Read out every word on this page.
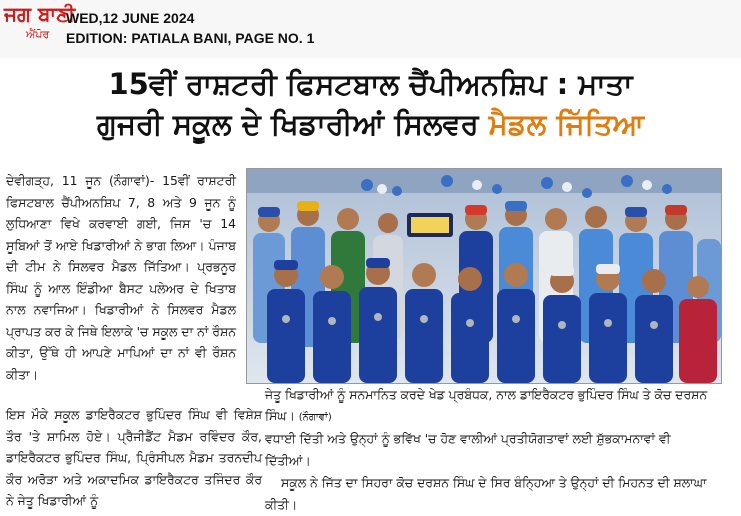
ਜਗ ਬਾਣੀ
ਐਂਪੋਰ
WED,12 JUNE 2024
EDITION: PATIALA BANI, PAGE NO. 1
15ਵੀਂ ਰਾਸ਼ਟਰੀ ਫਿਸਟਬਾਲ ਚੈਂਪੀਅਨਸ਼ਿਪ : ਮਾਤਾ
ਗੁਜਰੀ ਸਕੂਲ ਦੇ ਖਿਡਾਰੀਆਂ ਸਿਲਵਰ ਮੈਡਲ ਜਿੱਤਿਆ
ਦੇਵੀਗੜ੍ਹ, 11 ਜੂਨ (ਨੌਗਾਵਾਂ)- 15ਵੀਂ ਰਾਸ਼ਟਰੀ ਫਿਸਟਬਾਲ ਚੈਂਪੀਅਨਸ਼ਿਪ 7, 8 ਅਤੇ 9 ਜੂਨ ਨੂੰ ਲੁਧਿਆਣਾ ਵਿਖੇ ਕਰਵਾਈ ਗਈ, ਜਿਸ 'ਚ 14 ਸੂਬਿਆਂ ਤੋਂ ਆਏ ਖਿਡਾਰੀਆਂ ਨੇ ਭਾਗ ਲਿਆ। ਪੰਜਾਬ ਦੀ ਟੀਮ ਨੇ ਸਿਲਵਰ ਮੈਡਲ ਜਿੱਤਿਆ। ਪ੍ਰਭਨੂਰ ਸਿੰਘ ਨੂੰ ਆਲ ਇੰਡੀਆ ਬੈਸਟ ਪਲੇਅਰ ਦੇ ਖਿਤਾਬ ਨਾਲ ਨਵਾਜਿਆ। ਖਿਡਾਰੀਆਂ ਨੇ ਸਿਲਵਰ ਮੈਡਲ ਪ੍ਰਾਪਤ ਕਰ ਕੇ ਜਿਥੇ ਇਲਾਕੇ 'ਚ ਸਕੂਲ ਦਾ ਨਾਂ ਰੌਸ਼ਨ ਕੀਤਾ, ਉੱਥੇ ਹੀ ਆਪਣੇ ਮਾਪਿਆਂ ਦਾ ਨਾਂ ਵੀ ਰੌਸ਼ਨ ਕੀਤਾ।
ਜੇਤੂ ਖਿਡਾਰੀਆਂ ਨੂੰ ਸਨਮਾਨਿਤ ਕਰਦੇ ਖੇਡ ਪ੍ਰਬੰਧਕ, ਨਾਲ ਡਾਇਰੈਕਟਰ ਭੁਪਿੰਦਰ ਸਿੰਘ ਤੇ ਕੋਚ ਦਰਸ਼ਨ ਸਿੰਘ। (ਨੌਗਾਵਾਂ)
ਇਸ ਮੌਕੇ ਸਕੂਲ ਡਾਇਰੈਕਟਰ ਭੁਪਿੰਦਰ ਸਿੰਘ ਵੀ ਵਿਸ਼ੇਸ਼ ਤੌਰ 'ਤੇ ਸ਼ਾਮਿਲ ਹੋਏ। ਪ੍ਰੈਜੀਡੈਂਟ ਮੈਡਮ ਰਵਿੰਦਰ ਕੌਰ, ਡਾਇਰੈਕਟਰ ਭੁਪਿੰਦਰ ਸਿੰਘ, ਪ੍ਰਿੰਸੀਪਲ ਮੈਡਮ ਤਰਨਦੀਪ ਕੌਰ ਅਰੋੜਾ ਅਤੇ ਅਕਾਦਮਿਕ ਡਾਇਰੈਕਟਰ ਤਜਿੰਦਰ ਕੌਰ ਨੇ ਜੇਤੂ ਖਿਡਾਰੀਆਂ ਨੂੰ
ਵਧਾਈ ਦਿੱਤੀ ਅਤੇ ਉਨ੍ਹਾਂ ਨੂੰ ਭਵਿੱਖ 'ਚ ਹੋਣ ਵਾਲੀਆਂ ਪ੍ਰਤੀਯੋਗਤਾਵਾਂ ਲਈ ਸ਼ੁੱਭਕਾਮਨਾਵਾਂ ਵੀ ਦਿੱਤੀਆਂ।
ਸਕੂਲ ਨੇ ਜਿੱਤ ਦਾ ਸਿਹਰਾ ਕੋਚ ਦਰਸ਼ਨ ਸਿੰਘ ਦੇ ਸਿਰ ਬੰਨ੍ਹਿਆ ਤੇ ਉਨ੍ਹਾਂ ਦੀ ਮਿਹਨਤ ਦੀ ਸ਼ਲਾਘਾ ਕੀਤੀ।
